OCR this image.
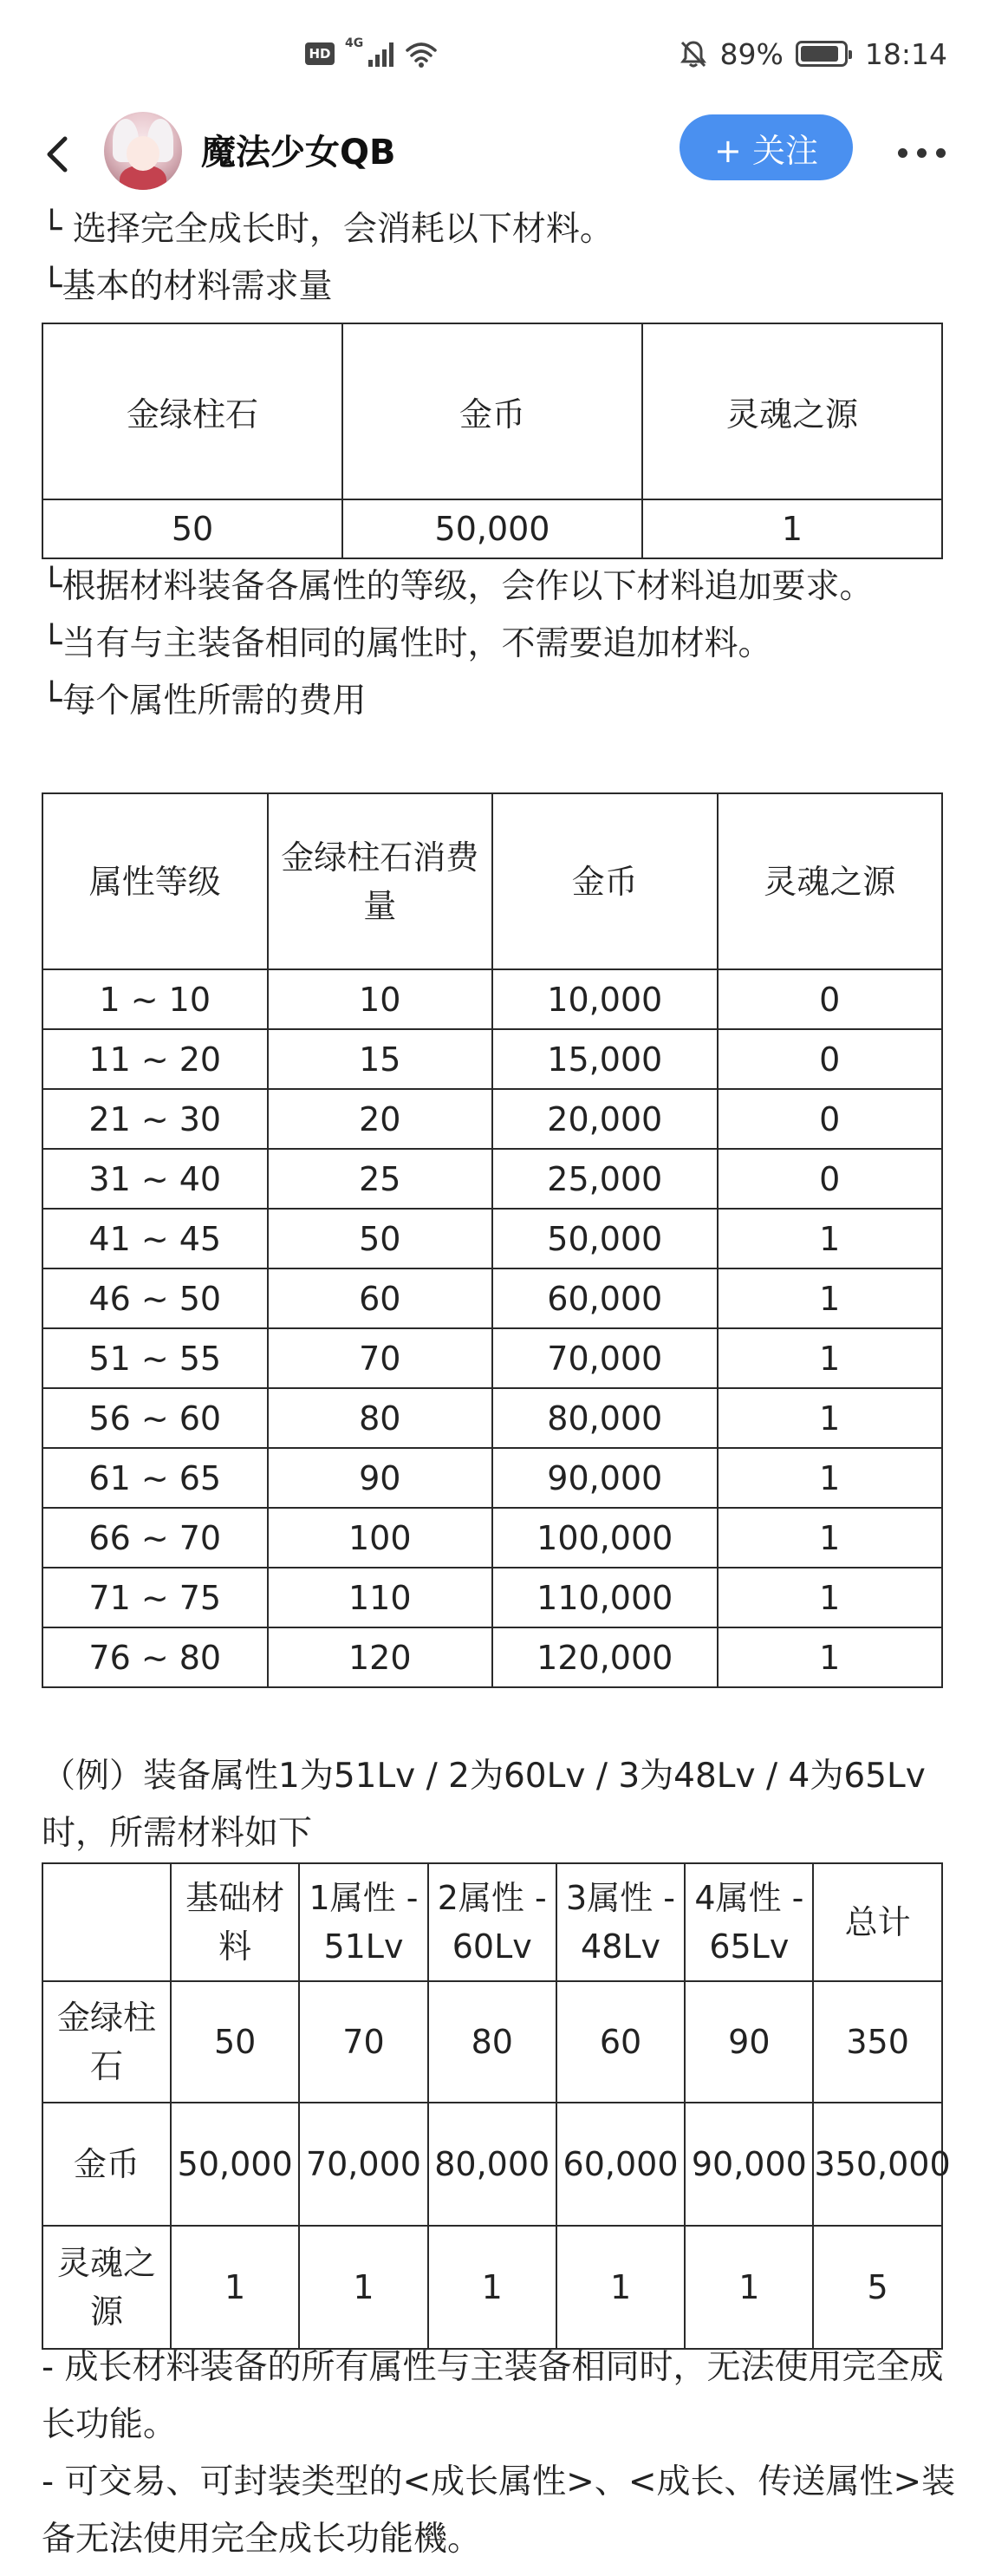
HD
4G	89%	18:14
魔法少女QB	+ 关注
└ 选择完全成长时，会消耗以下材料。
└基本的材料需求量
金绿柱石	金币	灵魂之源
50	50,000	1
└根据材料装备各属性的等级，会作以下材料追加要求。
└当有与主装备相同的属性时，不需要追加材料。
└每个属性所需的费用
属性等级	金绿柱石消费量	金币	灵魂之源
1 ~ 10	10	10,000	0
11 ~ 20	15	15,000	0
21 ~ 30	20	20,000	0
31 ~ 40	25	25,000	0
41 ~ 45	50	50,000	1
46 ~ 50	60	60,000	1
51 ~ 55	70	70,000	1
56 ~ 60	80	80,000	1
61 ~ 65	90	90,000	1
66 ~ 70	100	100,000	1
71 ~ 75	110	110,000	1
76 ~ 80	120	120,000	1
（例）装备属性1为51Lv / 2为60Lv / 3为48Lv / 4为65Lv时，所需材料如下
	基础材料	1属性 - 51Lv	2属性 - 60Lv	3属性 - 48Lv	4属性 - 65Lv	总计
金绿柱石	50	70	80	60	90	350
金币	50,000	70,000	80,000	60,000	90,000	350,000
灵魂之源	1	1	1	1	1	5
- 成长材料装备的所有属性与主装备相同时，无法使用完全成长功能。
- 可交易、可封装类型的<成长属性>、<成长、传送属性>装备无法使用完全成长功能機。
